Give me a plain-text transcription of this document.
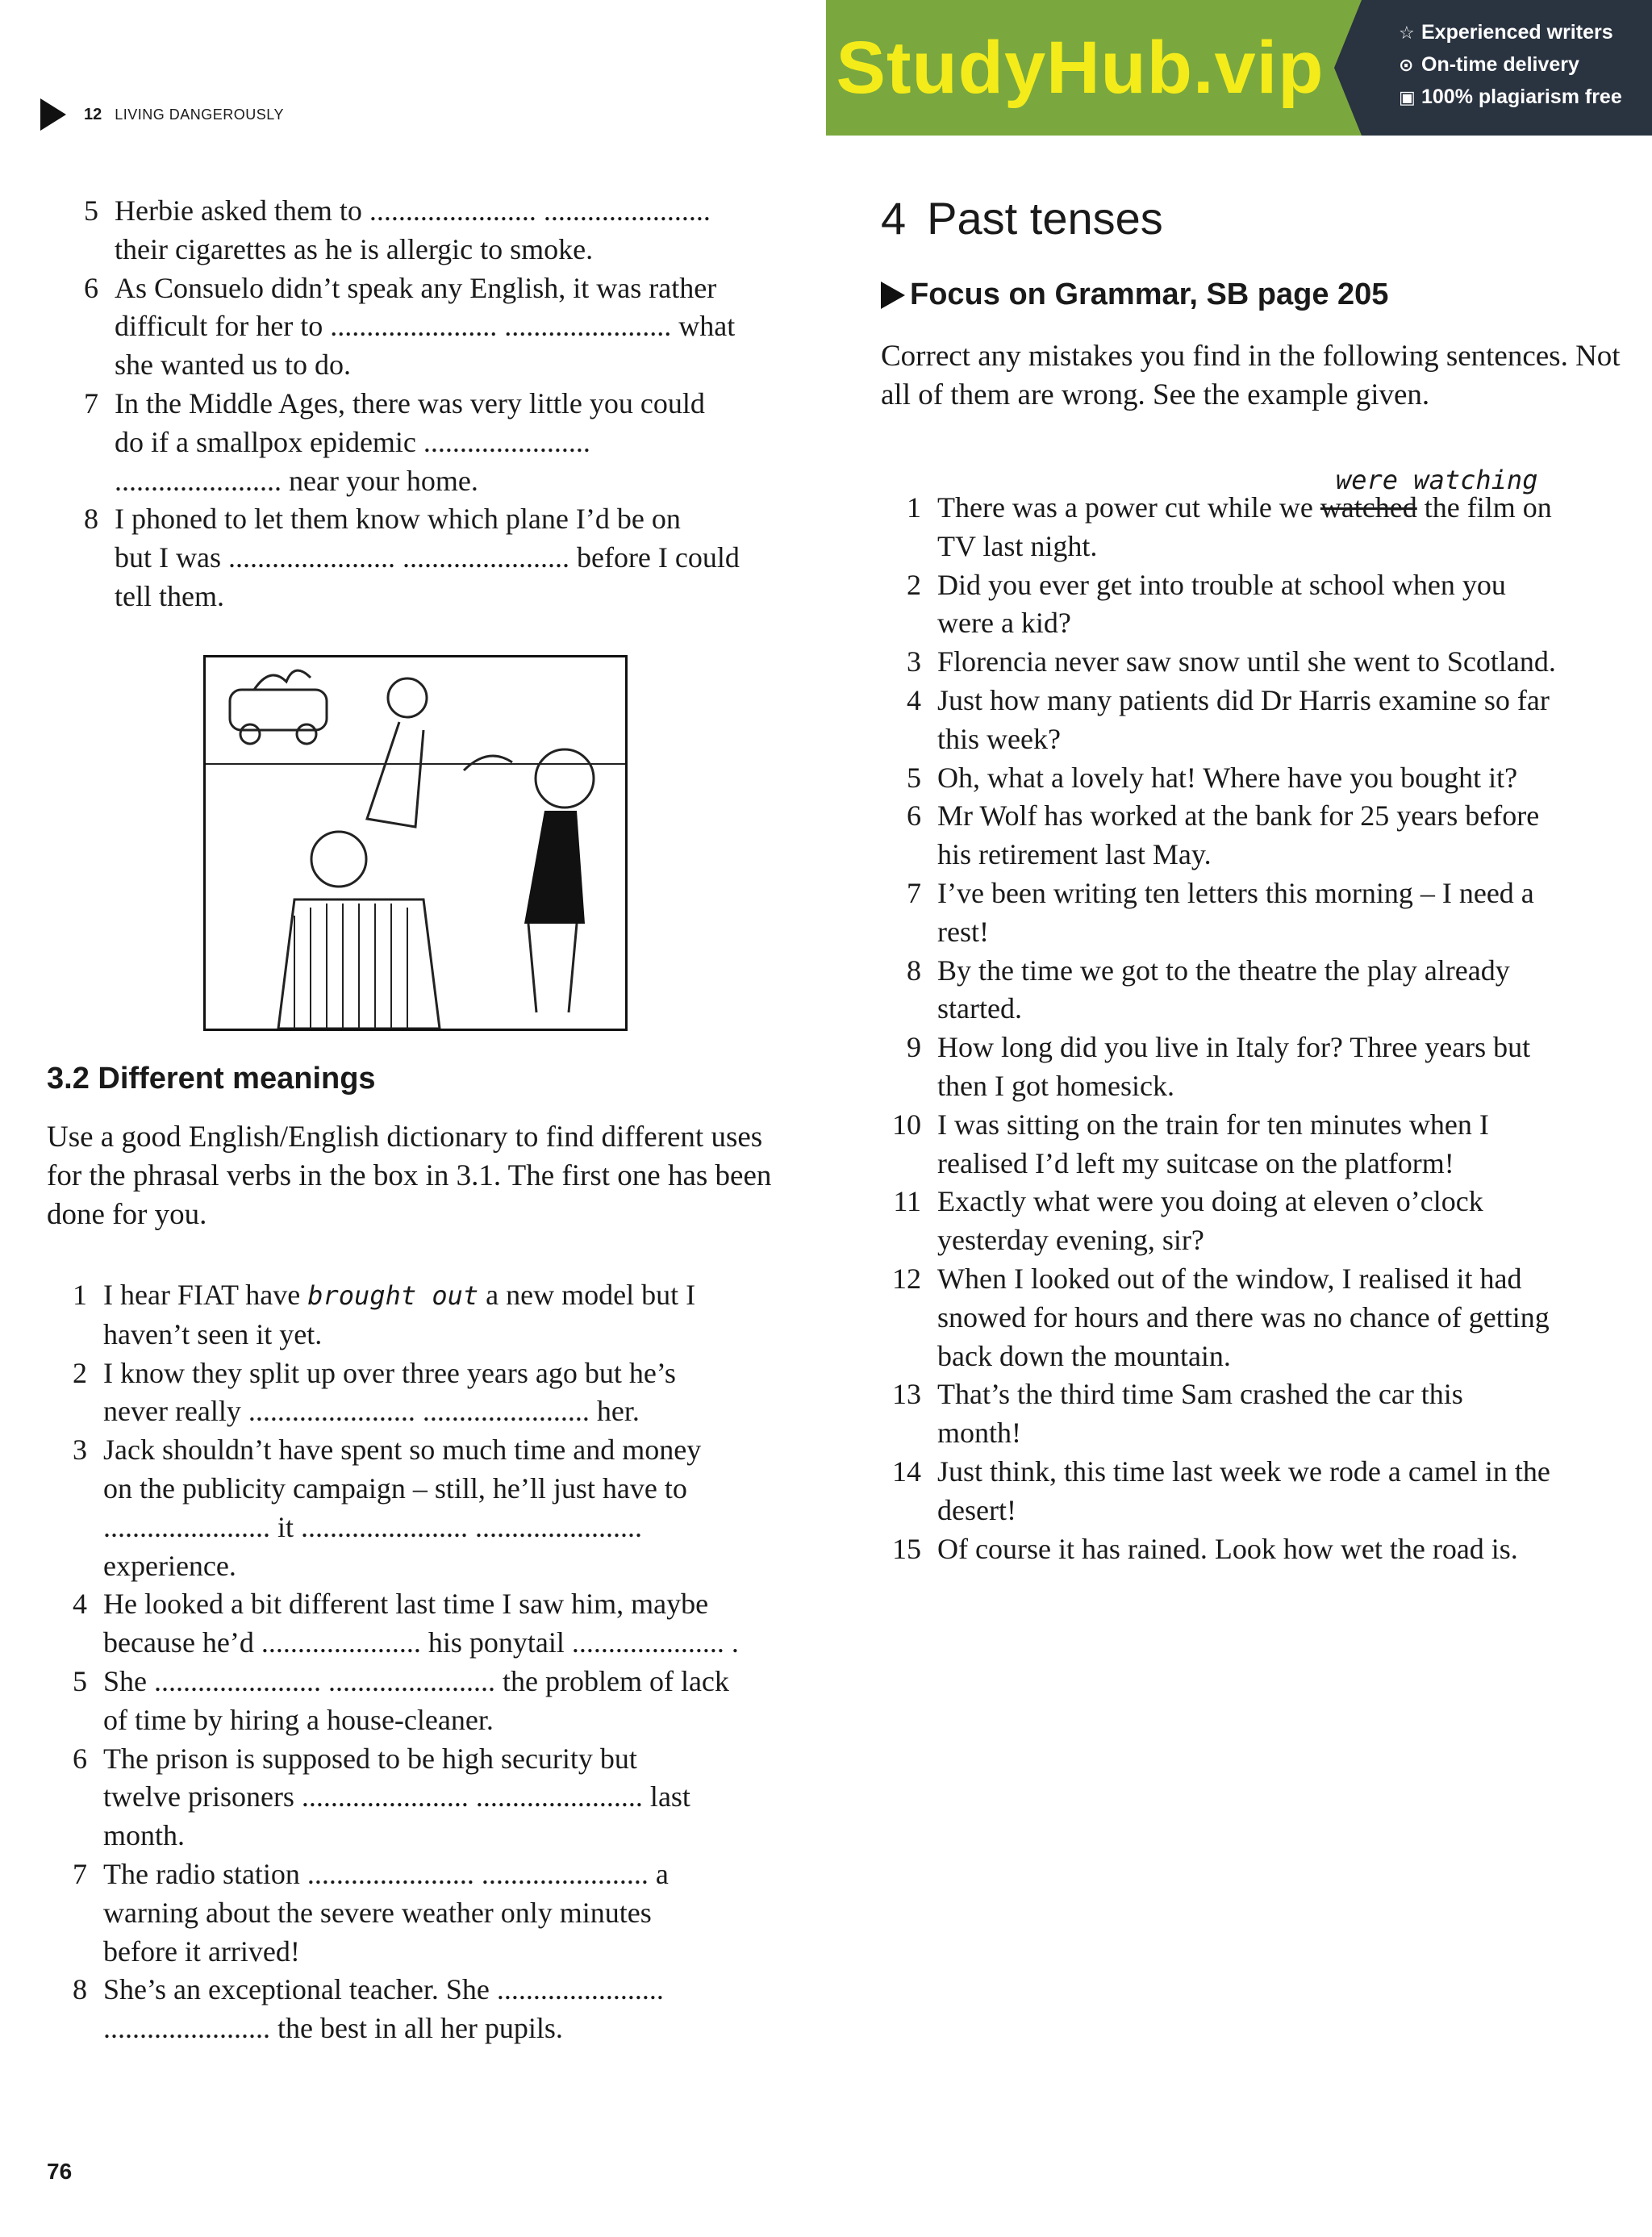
12 LIVING DANGEROUSLY
StudyHub.vip	☆ Experienced writers
⊙ On-time delivery
▣ 100% plagiarism free
5 Herbie asked them to ....................... .......................
their cigarettes as he is allergic to smoke.
6 As Consuelo didn’t speak any English, it was rather
difficult for her to ....................... ....................... what
she wanted us to do.
7 In the Middle Ages, there was very little you could
do if a smallpox epidemic .......................
....................... near your home.
8 I phoned to let them know which plane I’d be on
but I was ....................... ....................... before I could
tell them.
3.2 Different meanings
Use a good English/English dictionary to find different uses for the phrasal verbs in the box in 3.1. The first one has been done for you.
1 I hear FIAT have brought out a new model but I
haven’t seen it yet.
2 I know they split up over three years ago but he’s
never really ....................... ....................... her.
3 Jack shouldn’t have spent so much time and money
on the publicity campaign – still, he’ll just have to
....................... it ....................... .......................
experience.
4 He looked a bit different last time I saw him, maybe
because he’d ...................... his ponytail ..................... .
5 She ....................... ....................... the problem of lack
of time by hiring a house-cleaner.
6 The prison is supposed to be high security but
twelve prisoners ....................... ....................... last
month.
7 The radio station ....................... ....................... a
warning about the severe weather only minutes
before it arrived!
8 She’s an exceptional teacher. She .......................
....................... the best in all her pupils.
4 Past tenses
Focus on Grammar, SB page 205
Correct any mistakes you find in the following sentences. Not all of them are wrong. See the example given.
were watching
1 There was a power cut while we watched the film on
TV last night.
2 Did you ever get into trouble at school when you
were a kid?
3 Florencia never saw snow until she went to Scotland.
4 Just how many patients did Dr Harris examine so far
this week?
5 Oh, what a lovely hat! Where have you bought it?
6 Mr Wolf has worked at the bank for 25 years before
his retirement last May.
7 I’ve been writing ten letters this morning – I need a
rest!
8 By the time we got to the theatre the play already
started.
9 How long did you live in Italy for? Three years but
then I got homesick.
10 I was sitting on the train for ten minutes when I
realised I’d left my suitcase on the platform!
11 Exactly what were you doing at eleven o’clock
yesterday evening, sir?
12 When I looked out of the window, I realised it had
snowed for hours and there was no chance of getting
back down the mountain.
13 That’s the third time Sam crashed the car this
month!
14 Just think, this time last week we rode a camel in the
desert!
15 Of course it has rained. Look how wet the road is.
76
